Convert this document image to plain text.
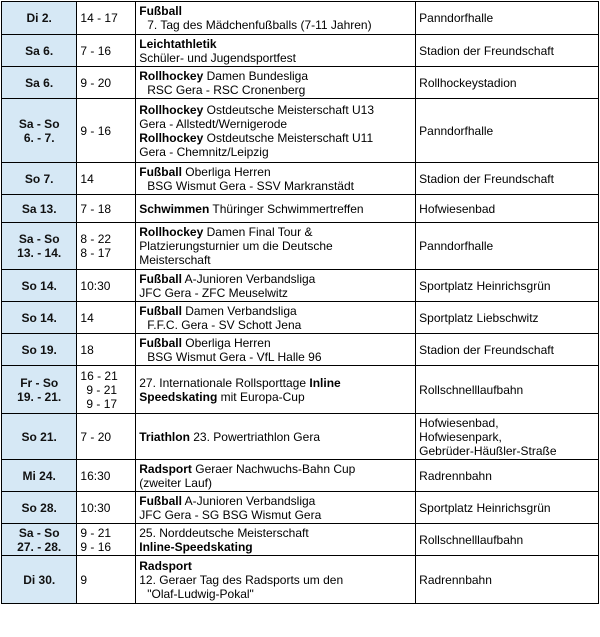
Di 2.	14 - 17	Fußball
7. Tag des Mädchenfußballs (7-11 Jahren)	Panndorfhalle

Sa 6.	7 - 16	Leichtathletik
Schüler- und Jugendsportfest	Stadion der Freundschaft

Sa 6.	9 - 20	Rollhockey Damen Bundesliga
RSC Gera - RSC Cronenberg	Rollhockeystadion

Sa - So
6. - 7.	9 - 16	Rollhockey Ostdeutsche Meisterschaft U13
Gera - Allstedt/Wernigerode
Rollhockey Ostdeutsche Meisterschaft U11
Gera - Chemnitz/Leipzig	Panndorfhalle

So 7.	14	Fußball Oberliga Herren
BSG Wismut Gera - SSV Markranstädt	Stadion der Freundschaft

Sa 13.	7 - 18	Schwimmen Thüringer Schwimmertreffen	Hofwiesenbad

Sa - So
13. - 14.	8 - 22
8 - 17	Rollhockey Damen Final Tour &
Platzierungsturnier um die Deutsche
Meisterschaft	Panndorfhalle

So 14.	10:30	Fußball A-Junioren Verbandsliga
JFC Gera - ZFC Meuselwitz	Sportplatz Heinrichsgrün

So 14.	14	Fußball Damen Verbandsliga
F.F.C. Gera - SV Schott Jena	Sportplatz Liebschwitz

So 19.	18	Fußball Oberliga Herren
BSG Wismut Gera - VfL Halle 96	Stadion der Freundschaft

Fr - So
19. - 21.	16 - 21
9 - 21
9 - 17	27. Internationale Rollsporttage Inline
Speedskating mit Europa-Cup	Rollschnelllaufbahn

So 21.	7 - 20	Triathlon 23. Powertriathlon Gera	Hofwiesenbad,
Hofwiesenpark,
Gebrüder-Häußler-Straße

Mi 24.	16:30	Radsport Geraer Nachwuchs-Bahn Cup
(zweiter Lauf)	Radrennbahn

So 28.	10:30	Fußball A-Junioren Verbandsliga
JFC Gera - SG BSG Wismut Gera	Sportplatz Heinrichsgrün

Sa - So
27. - 28.	9 - 21
9 - 16	25. Norddeutsche Meisterschaft
Inline-Speedskating	Rollschnelllaufbahn

Di 30.	9	Radsport
12. Geraer Tag des Radsports um den
"Olaf-Ludwig-Pokal"	Radrennbahn
